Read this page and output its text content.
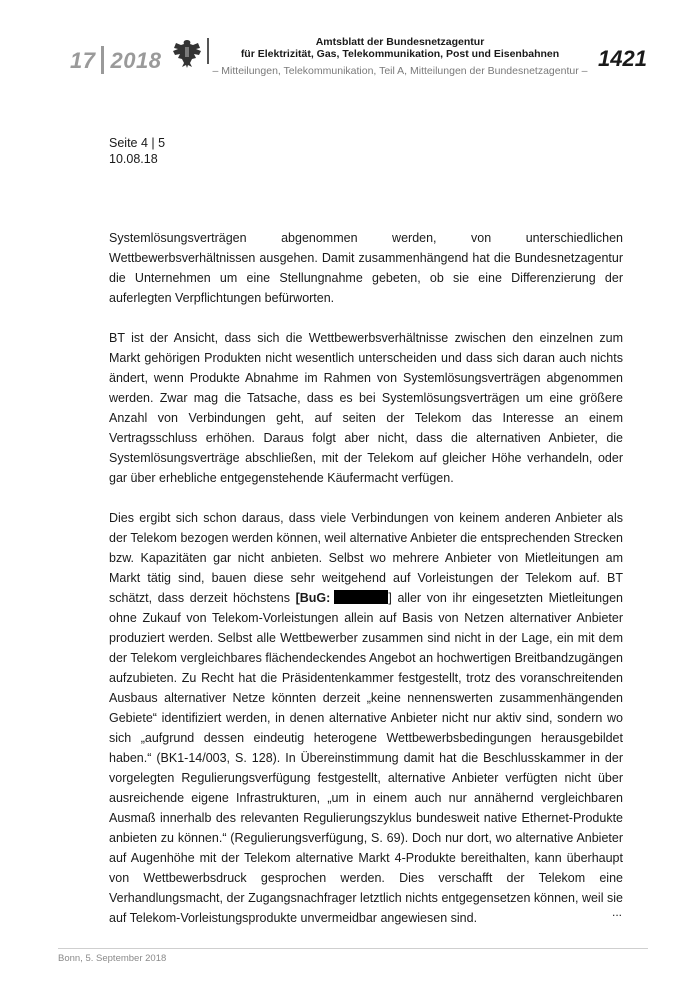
17 2018
Amtsblatt der Bundesnetzagentur
für Elektrizität, Gas, Telekommunikation, Post und Eisenbahnen
– Mitteilungen, Telekommunikation, Teil A, Mitteilungen der Bundesnetzagentur – 1421
Seite 4 | 5
10.08.18

Systemlösungsverträgen abgenommen werden, von unterschiedlichen Wettbewerbsverhältnissen ausgehen. Damit zusammenhängend hat die Bundesnetzagentur die Unternehmen um eine Stellungnahme gebeten, ob sie eine Differenzierung der auferlegten Verpflichtungen befürworten.

BT ist der Ansicht, dass sich die Wettbewerbsverhältnisse zwischen den einzelnen zum Markt gehörigen Produkten nicht wesentlich unterscheiden und dass sich daran auch nichts ändert, wenn Produkte Abnahme im Rahmen von Systemlösungsverträgen abgenommen werden. Zwar mag die Tatsache, dass es bei Systemlösungsverträgen um eine größere Anzahl von Verbindungen geht, auf seiten der Telekom das Interesse an einem Vertragsschluss erhöhen. Daraus folgt aber nicht, dass die alternativen Anbieter, die Systemlösungsverträge abschließen, mit der Telekom auf gleicher Höhe verhandeln, oder gar über erhebliche entgegenstehende Käufermacht verfügen.

Dies ergibt sich schon daraus, dass viele Verbindungen von keinem anderen Anbieter als der Telekom bezogen werden können, weil alternative Anbieter die entsprechenden Strecken bzw. Kapazitäten gar nicht anbieten. Selbst wo mehrere Anbieter von Mietleitungen am Markt tätig sind, bauen diese sehr weitgehend auf Vorleistungen der Telekom auf. BT schätzt, dass derzeit höchstens [BuG:	] aller von ihr eingesetzten Mietleitungen ohne Zukauf von Telekom-Vorleistungen allein auf Basis von Netzen alternativer Anbieter produziert werden. Selbst alle Wettbewerber zusammen sind nicht in der Lage, ein mit dem der Telekom vergleichbares flächendeckendes Angebot an hochwertigen Breitbandzugängen aufzubieten. Zu Recht hat die Präsidentenkammer festgestellt, trotz des voranschreitenden Ausbaus alternativer Netze könnten derzeit „keine nennenswerten zusammenhängenden Gebiete“ identifiziert werden, in denen alternative Anbieter nicht nur aktiv sind, sondern wo sich „aufgrund dessen eindeutig heterogene Wettbewerbsbedingungen herausgebildet haben.“ (BK1-14/003, S. 128). In Übereinstimmung damit hat die Beschlusskammer in der vorgelegten Regulierungsverfügung festgestellt, alternative Anbieter verfügten nicht über ausreichende eigene Infrastrukturen, „um in einem auch nur annähernd vergleichbaren Ausmaß innerhalb des relevanten Regulierungszyklus bundesweit native Ethernet-Produkte anbieten zu können.“ (Regulierungsverfügung, S. 69). Doch nur dort, wo alternative Anbieter auf Augenhöhe mit der Telekom alternative Markt 4-Produkte bereithalten, kann überhaupt von Wettbewerbsdruck gesprochen werden. Dies verschafft der Telekom eine Verhandlungsmacht, der Zugangsnachfrager letztlich nichts entgegensetzen können, weil sie auf Telekom-Vorleistungsprodukte unvermeidbar angewiesen sind.	...
Bonn, 5. September 2018
